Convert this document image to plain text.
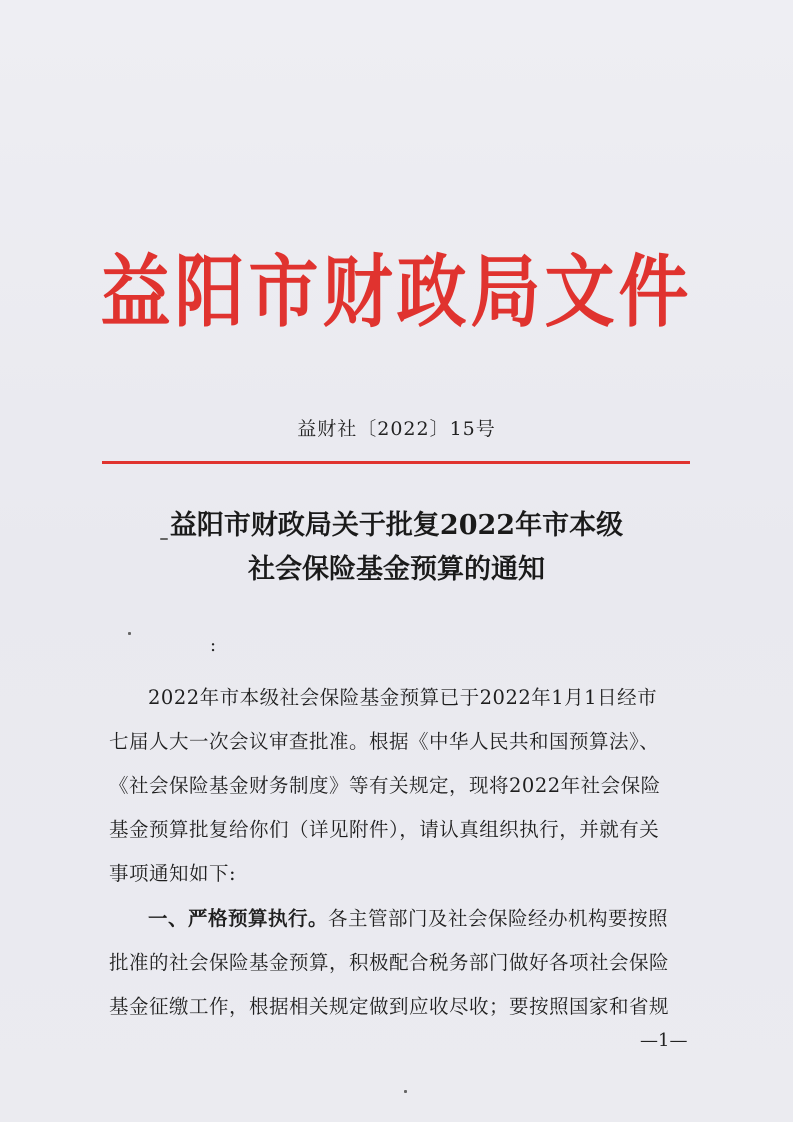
益阳市财政局文件
益财社〔2022〕15号
益阳市财政局关于批复2022年市本级
社会保险基金预算的通知
:
2022年市本级社会保险基金预算已于2022年1月1日经市
七届人大一次会议审查批准。根据《中华人民共和国预算法》、
《社会保险基金财务制度》等有关规定，现将2022年社会保险
基金预算批复给你们（详见附件），请认真组织执行，并就有关
事项通知如下:
一、严格预算执行。各主管部门及社会保险经办机构要按照
批准的社会保险基金预算，积极配合税务部门做好各项社会保险
基金征缴工作，根据相关规定做到应收尽收；要按照国家和省规
—1—
